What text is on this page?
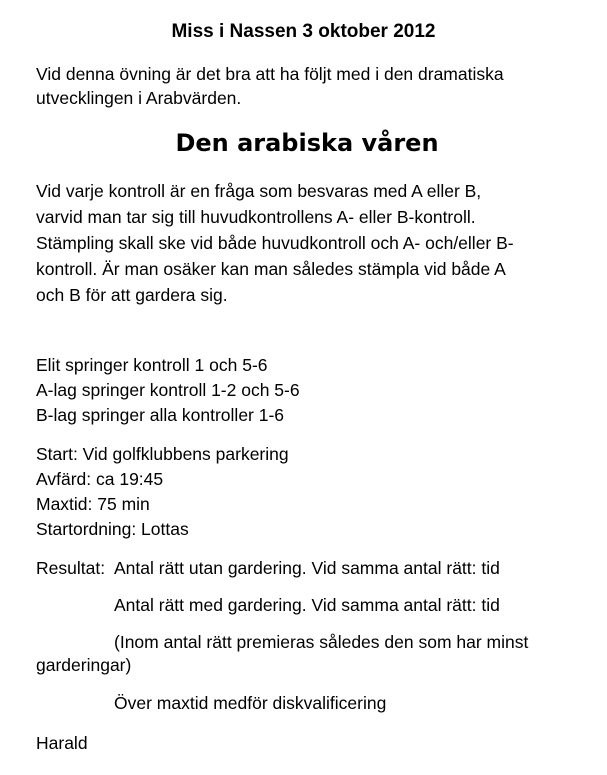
Miss i Nassen 3 oktober 2012
Vid denna övning är det bra att ha följt med i den dramatiska utvecklingen i Arabvärden.
Den arabiska våren
Vid varje kontroll är en fråga som besvaras med A eller B,
varvid man tar sig till huvudkontrollens A- eller B-kontroll.
Stämpling skall ske vid både huvudkontroll och A- och/eller B-
kontroll. Är man osäker kan man således stämpla vid både A
och B för att gardera sig.
Elit springer kontroll 1 och 5-6
A-lag springer kontroll 1-2 och 5-6
B-lag springer alla kontroller 1-6
Start: Vid golfklubbens parkering
Avfärd: ca 19:45
Maxtid: 75 min
Startordning: Lottas
Resultat: Antal rätt utan gardering. Vid samma antal rätt: tid
Antal rätt med gardering. Vid samma antal rätt: tid
(Inom antal rätt premieras således den som har minst
garderingar)
Över maxtid medför diskvalificering
Harald
